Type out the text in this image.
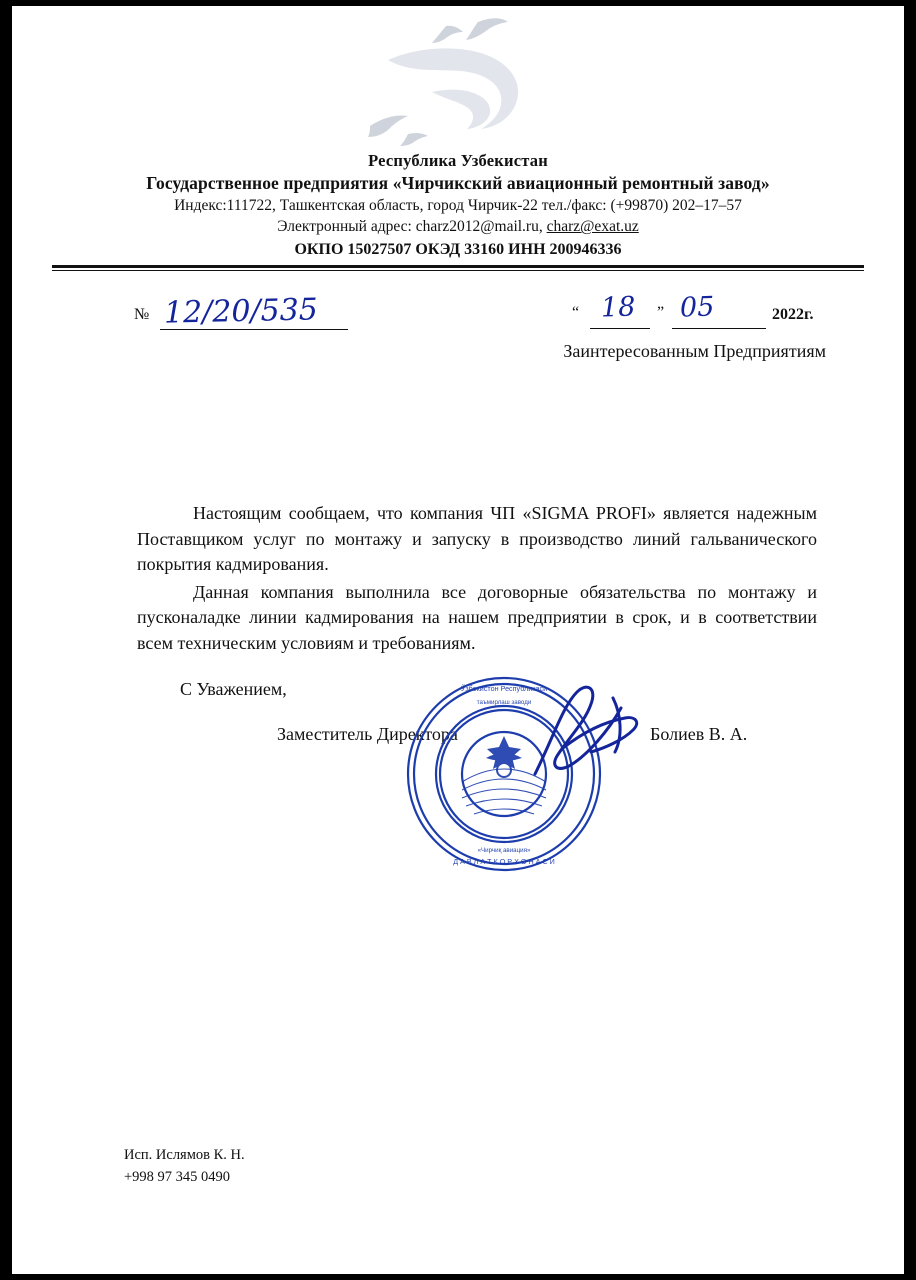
Республика Узбекистан
Государственное предприятия «Чирчикский авиационный ремонтный завод»
Индекс:111722, Ташкентская область, город Чирчик-22 тел./факс: (+99870) 202–17–57
Электронный адрес: charz2012@mail.ru, charz@exat.uz
ОКПО 15027507 ОКЭД 33160 ИНН 200946336
№ 12/20/535	“ 18 ” 05	2022г.
Заинтересованным Предприятиям

Настоящим сообщаем, что компания ЧП «SIGMA PROFI» является надежным Поставщиком услуг по монтажу и запуску в производство линий гальванического покрытия кадмирования.

Данная компания выполнила все договорные обязательства по монтажу и пусконаладке линии кадмирования на нашем предприятии в срок, и в соответствии всем техническим условиям и требованиям.

С Уважением,
Заместитель Директора	Болиев В. А.
Ўзбекистон Республикаси
Д А В Л А Т К О Р Х О Н А С И
таъмирлаш заводи
«Чирчиқ авиация»
Исп. Ислямов К. Н.
+998 97 345 0490
